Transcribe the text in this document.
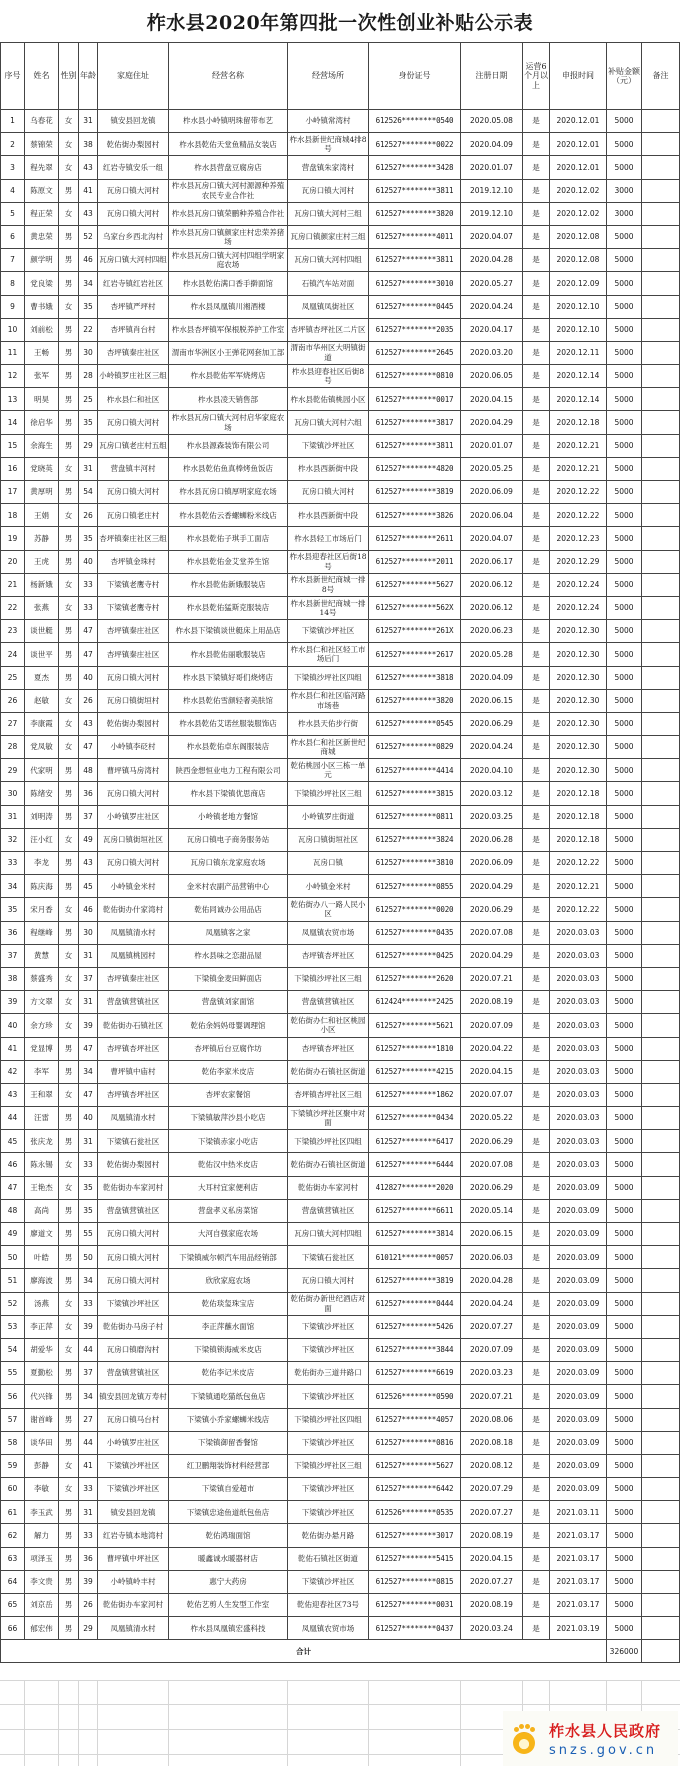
柞水县2020年第四批一次性创业补贴公示表
序号	姓名	性别	年龄	家庭住址	经营名称	经营场所	身份证号	注册日期	运营6个月以上	申报时间	补贴金额（元）	备注
1	乌春花	女	31	镇安县回龙镇	柞水县小岭镇明珠留带布艺	小岭镇常湾村	612526********0540	2020.05.08	是	2020.12.01	5000	
2	蔡锦荣	女	38	乾佑街办梨园村	柞水县乾佑天堂鱼精品女装店	柞水县新世纪商城4排8号	612527********0022	2020.04.09	是	2020.12.01	5000	
3	程先翠	女	43	红岩寺镇安乐一组	柞水县营盘豆腐房店	营盘镇朱家湾村	612527********3428	2020.01.07	是	2020.12.01	5000	
4	陈原文	男	41	瓦房口镇大河村	柞水县瓦房口镇大河村源源种养殖农民专业合作社	瓦房口镇大河村	612527********3811	2019.12.10	是	2020.12.02	3000	
5	程正荣	女	43	瓦房口镇大河村	柞水县瓦房口镇荣鹏种养殖合作社	瓦房口镇大河村三组	612527********3820	2019.12.10	是	2020.12.02	3000	
6	黄忠荣	男	52	乌家台乡西北沟村	柞水县瓦房口镇颜家庄村忠荣养猪场	瓦房口镇颜家庄村三组	612527********4011	2020.04.07	是	2020.12.08	5000	
7	颜学明	男	46	瓦房口镇大河村四组	柞水县瓦房口镇大河村四组学明家庭农场	瓦房口镇大河村四组	612527********3811	2020.04.28	是	2020.12.08	5000	
8	党良梁	男	34	红岩寺镇红岩社区	柞水县乾佑满口香手擀面馆	石镇汽车站对面	612527********3010	2020.05.27	是	2020.12.09	5000	
9	曹书娥	女	35	杏坪镇严坪村	柞水县凤凰镇川湘酒楼	凤凰镇凤街社区	612527********0445	2020.04.24	是	2020.12.10	5000	
10	刘前松	男	22	杏坪镇肖台村	柞水县杏坪镇军保根脱养护工作室	杏坪镇杏坪社区二片区	612527********2035	2020.04.17	是	2020.12.10	5000	
11	王畅	男	30	杏坪镇秦庄社区	渭南市华洲区小王弹花网套加工部	渭南市华州区大明镇街道	612527********2645	2020.03.20	是	2020.12.11	5000	
12	张军	男	28	小岭镇罗庄社区三组	柞水县乾佑军军烧烤店	柞水县迎春社区后街8号	612527********0810	2020.06.05	是	2020.12.14	5000	
13	明昊	男	25	柞水县仁和社区	柞水县凌天销售部	柞水县乾佑镇桃园小区	612527********0017	2020.04.15	是	2020.12.14	5000	
14	徐启华	男	35	瓦房口镇大河村	柞水县瓦房口镇大河村启华家庭农场	瓦房口镇大河村六组	612527********3817	2020.04.29	是	2020.12.18	5000	
15	余海生	男	29	瓦房口镇老庄村五组	柞水县源森装饰有限公司	下梁镇沙坪社区	612527********3811	2020.01.07	是	2020.12.21	5000	
16	党晓英	女	31	营盘镇丰河村	柞水县乾佑鱼真棒烤鱼饭店	柞水县西新街中段	612527********4820	2020.05.25	是	2020.12.21	5000	
17	黄厚明	男	54	瓦房口镇大河村	柞水县瓦房口镇厚明家庭农场	瓦房口镇大河村	612527********3819	2020.06.09	是	2020.12.22	5000	
18	王娟	女	26	瓦房口镇老庄村	柞水县乾佑云香螺蛳粉米线店	柞水县西新街中段	612527********3826	2020.06.04	是	2020.12.22	5000	
19	苏静	男	35	杏坪镇秦庄社区三组	柞水县乾佑子琪手工面店	柞水县轻工市场后门	612527********2611	2020.04.07	是	2020.12.23	5000	
20	王虎	男	40	杏坪镇金珠村	柞水县乾佑金艾堂养生馆	柞水县迎春社区后街18号	612527********2011	2020.06.17	是	2020.12.29	5000	
21	杨新娥	女	33	下梁镇老鹰寺村	柞水县乾佑新娥服装店	柞水县新世纪商城一排8号	612527********5627	2020.06.12	是	2020.12.24	5000	
22	张燕	女	33	下梁镇老鹰寺村	柞水县乾佑猛斯克服装店	柞水县新世纪商城一排14号	612527********562X	2020.06.12	是	2020.12.24	5000	
23	谈世艇	男	47	杏坪镇秦庄社区	柞水县下梁镇谈世艇床上用品店	下梁镇沙坪社区	612527********261X	2020.06.23	是	2020.12.30	5000	
24	谈世平	男	47	杏坪镇秦庄社区	柞水县乾佑丽歌服装店	柞水县仁和社区轻工市场后门	612527********2617	2020.05.28	是	2020.12.30	5000	
25	夏杰	男	40	瓦房口镇大河村	柞水县下梁镇好哥们烧烤店	下梁镇沙坪社区四组	612527********3818	2020.04.09	是	2020.12.30	5000	
26	赵敏	女	26	瓦房口镇街垣村	柞水县乾佑雪颜轻奢美肤馆	柞水县仁和社区临河路市场巷	612527********3820	2020.06.15	是	2020.12.30	5000	
27	李康霞	女	43	乾佑街办梨园村	柞水县乾佑艾诺丝服装服饰店	柞水县天佑步行街	612527********0545	2020.06.29	是	2020.12.30	5000	
28	党凤敏	女	47	小岭镇李砭村	柞水县乾佑卓东阁服装店	柞水县仁和社区新世纪商城	612527********0829	2020.04.24	是	2020.12.30	5000	
29	代家明	男	48	曹坪镇马房湾村	陕西金想恒业电力工程有限公司	乾佑桃园小区三栋一单元	612527********4414	2020.04.10	是	2020.12.30	5000	
30	陈绪安	男	36	瓦房口镇大河村	柞水县下梁镇优思商店	下梁镇沙坪社区三组	612527********3815	2020.03.12	是	2020.12.18	5000	
31	刘明涛	男	37	小岭镇罗庄社区	小岭镇老地方餐馆	小岭镇罗庄街道	612527********0811	2020.03.25	是	2020.12.18	5000	
32	汪小红	女	49	瓦房口镇街垣社区	瓦房口镇电子商务服务站	瓦房口镇街垣社区	612527********3824	2020.06.28	是	2020.12.18	5000	
33	李龙	男	43	瓦房口镇大河村	瓦房口镇东龙家庭农场	瓦房口镇	612527********3810	2020.06.09	是	2020.12.22	5000	
34	陈庆海	男	45	小岭镇金米村	金米村农副产品营销中心	小岭镇金米村	612527********0855	2020.04.29	是	2020.12.21	5000	
35	宋月香	女	46	乾佑街办什家湾村	乾佑同诚办公用品店	乾佑街办八一路人民小区	612527********0020	2020.06.29	是	2020.12.22	5000	
36	程继峰	男	30	凤凰镇清水村	凤凰镇客之家	凤凰镇农贸市场	612527********0435	2020.07.08	是	2020.03.03	5000	
37	黄慧	女	31	凤凰镇桃园村	柞水县味之恋甜品屋	杏坪镇杏坪社区	612527********0425	2020.04.29	是	2020.03.03	5000	
38	蔡盛秀	女	37	杏坪镇秦庄社区	下梁镇金麦田鲜面店	下梁镇沙坪社区三组	612527********2620	2020.07.21	是	2020.03.03	5000	
39	方文翠	女	31	营盘镇营镇社区	营盘镇刘家面馆	营盘镇营镇社区	612424********2425	2020.08.19	是	2020.03.03	5000	
40	余方珍	女	39	乾佑街办石镇社区	乾佑余妈妈母婴调理馆	乾佑街办仁和社区桃园小区	612527********5621	2020.07.09	是	2020.03.03	5000	
41	党显博	男	47	杏坪镇杏坪社区	杏坪镇后台豆腐作坊	杏坪镇杏坪社区	612527********1810	2020.04.22	是	2020.03.03	5000	
42	李军	男	34	曹坪镇中庙村	乾佑李家米皮店	乾佑街办石镇社区街道	612527********4215	2020.04.15	是	2020.03.03	5000	
43	王和翠	女	47	杏坪镇杏坪社区	杏坪农家餐馆	杏坪镇杏坪社区三组	612527********1862	2020.07.07	是	2020.03.03	5000	
44	汪雷	男	40	凤凰镇清水村	下梁镇敏萍沙县小吃店	下梁镇沙坪社区聚中对面	612527********0434	2020.05.22	是	2020.03.03	5000	
45	张庆龙	男	31	下梁镇石瓮社区	下梁镇赤家小吃店	下梁镇沙坪社区四组	612527********6417	2020.06.29	是	2020.03.03	5000	
46	陈永锡	女	33	乾佑街办梨园村	乾佑汉中热米皮店	乾佑街办石镇社区街道	612527********6444	2020.07.08	是	2020.03.03	5000	
47	王艳杰	女	35	乾佑街办车家河村	大耳村宜家便利店	乾佑街办车家河村	412827********2020	2020.06.29	是	2020.03.09	5000	
48	高尚	男	35	营盘镇营镇社区	营盘孝义私房菜馆	营盘镇营镇社区	612527********6611	2020.05.14	是	2020.03.09	5000	
49	廖道文	男	55	瓦房口镇大河村	大河自强家庭农场	瓦房口镇大河村四组	612527********3814	2020.06.15	是	2020.03.09	5000	
50	叶皓	男	50	瓦房口镇大河村	下梁镇威尔顿汽车用品经销部	下梁镇石瓮社区	610121********0057	2020.06.03	是	2020.03.09	5000	
51	廖海波	男	34	瓦房口镇大河村	欣欣家庭农场	瓦房口镇大河村	612527********3819	2020.04.28	是	2020.03.09	5000	
52	汤燕	女	33	下梁镇沙坪社区	乾佑琰玺珠宝店	乾佑街办新世纪酒店对面	612527********0444	2020.04.24	是	2020.03.09	5000	
53	李正萍	女	39	乾佑街办马房子村	李正萍蘸水面馆	下梁镇沙坪社区	612527********5426	2020.07.27	是	2020.03.09	5000	
54	胡爱华	女	44	瓦房口镇磨沟村	下梁镇锁海威米皮店	下梁镇沙坪社区	612527********3844	2020.07.09	是	2020.03.09	5000	
55	夏勤松	男	37	营盘镇营镇社区	乾佑李记米皮店	乾佑街办三道井路口	612527********6619	2020.03.23	是	2020.03.09	5000	
56	代兴锋	男	34	镇安县回龙镇万寿村	下梁镇通吃猫纸包鱼店	下梁镇沙坪社区	612526********0590	2020.07.21	是	2020.03.09	5000	
57	谢首峰	男	27	瓦房口镇马台村	下梁镇小乔家螺蛳米线店	下梁镇沙坪社区四组	612527********4057	2020.08.06	是	2020.03.09	5000	
58	谈华田	男	44	小岭镇罗庄社区	下梁镇御留香餐馆	下梁镇沙坪社区	612527********0816	2020.08.18	是	2020.03.09	5000	
59	彭静	女	41	下梁镇沙坪社区	红卫鹏翔装饰材料经营部	下梁镇沙坪社区三组	612527********5627	2020.08.12	是	2020.03.09	5000	
60	李敏	女	33	下梁镇沙坪社区	下梁镇自爱超市	下梁镇沙坪社区	612527********6442	2020.07.29	是	2020.03.09	5000	
61	李玉武	男	31	镇安县回龙镇	下梁镇忠途鱼道纸包鱼店	下梁镇沙坪社区	612526********0535	2020.07.27	是	2021.03.11	5000	
62	解力	男	33	红岩寺镇本地湾村	乾佑鸿瑞面馆	乾佑街办悬月路	612527********3017	2020.08.19	是	2021.03.17	5000	
63	项泽玉	男	36	曹坪镇中坪社区	暖鑫诚水暖器材店	乾佑石镇社区街道	612527********5415	2020.04.15	是	2021.03.17	5000	
64	李文贵	男	39	小岭镇岭丰村	惠宁大药房	下梁镇沙坪社区	612527********0815	2020.07.27	是	2021.03.17	5000	
65	刘京岳	男	26	乾佑街办车家河村	乾佑艺剪人生发型工作室	乾佑迎春社区73号	612527********0031	2020.08.19	是	2021.03.17	5000	
66	郁宏伟	男	29	凤凰镇清水村	柞水县凤凰镇宏盛科技	凤凰镇农贸市场	612527********0437	2020.03.24	是	2021.03.19	5000	
合计											326000	
柞水县人民政府
snzs.gov.cn
